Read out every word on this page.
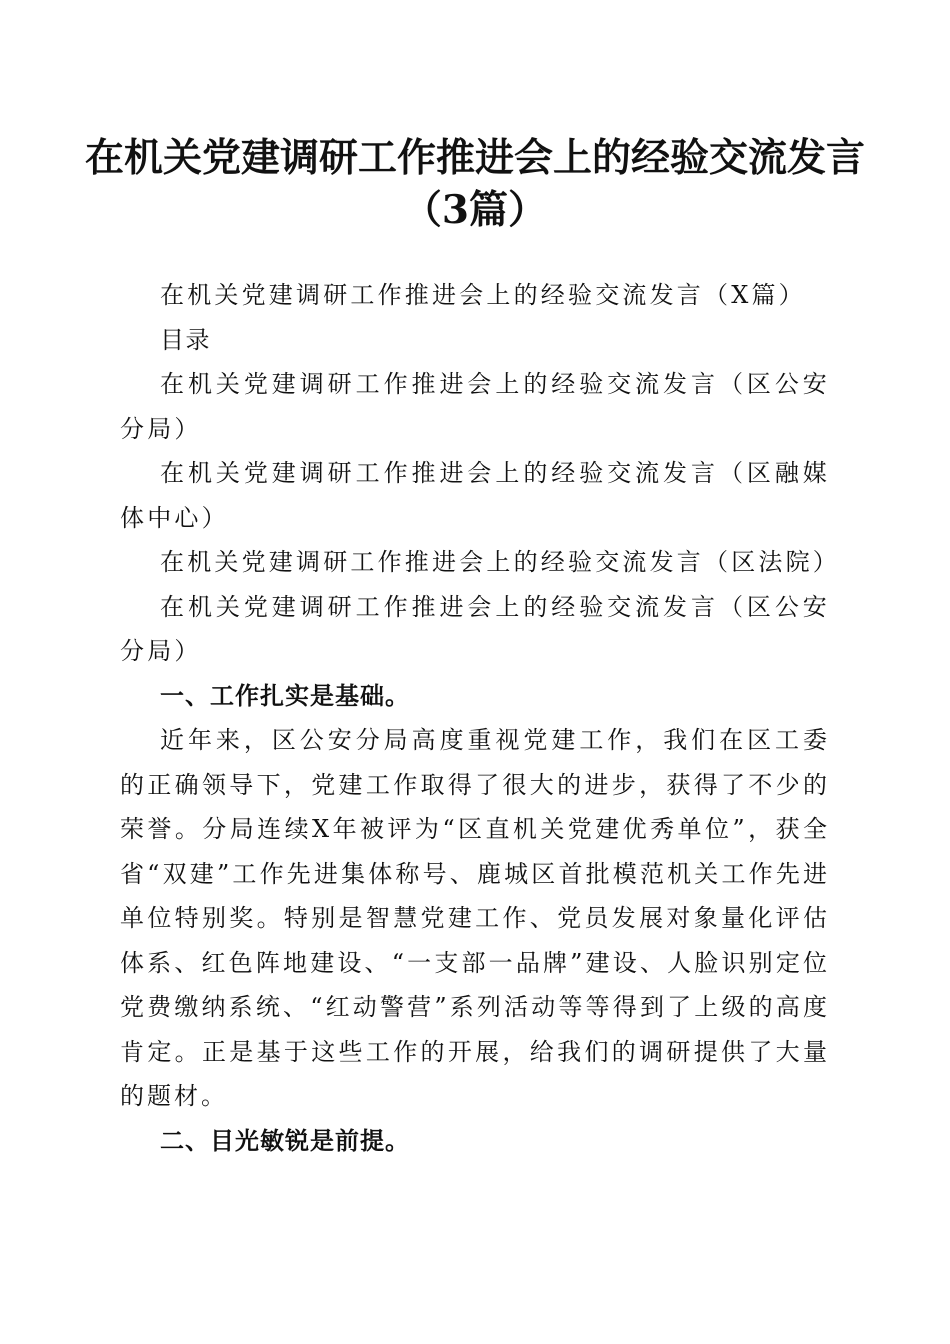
在机关党建调研工作推进会上的经验交流发言
（3篇）

在机关党建调研工作推进会上的经验交流发言（X篇）

目录

在机关党建调研工作推进会上的经验交流发言（区公安分局）

在机关党建调研工作推进会上的经验交流发言（区融媒体中心）

在机关党建调研工作推进会上的经验交流发言（区法院）

在机关党建调研工作推进会上的经验交流发言（区公安分局）

一、工作扎实是基础。

近年来，区公安分局高度重视党建工作，我们在区工委的正确领导下，党建工作取得了很大的进步，获得了不少的荣誉。分局连续X年被评为“区直机关党建优秀单位”，获全省“双建”工作先进集体称号、鹿城区首批模范机关工作先进单位特别奖。特别是智慧党建工作、党员发展对象量化评估体系、红色阵地建设、“一支部一品牌”建设、人脸识别定位党费缴纳系统、“红动警营”系列活动等等得到了上级的高度肯定。正是基于这些工作的开展，给我们的调研提供了大量的题材。

二、目光敏锐是前提。
